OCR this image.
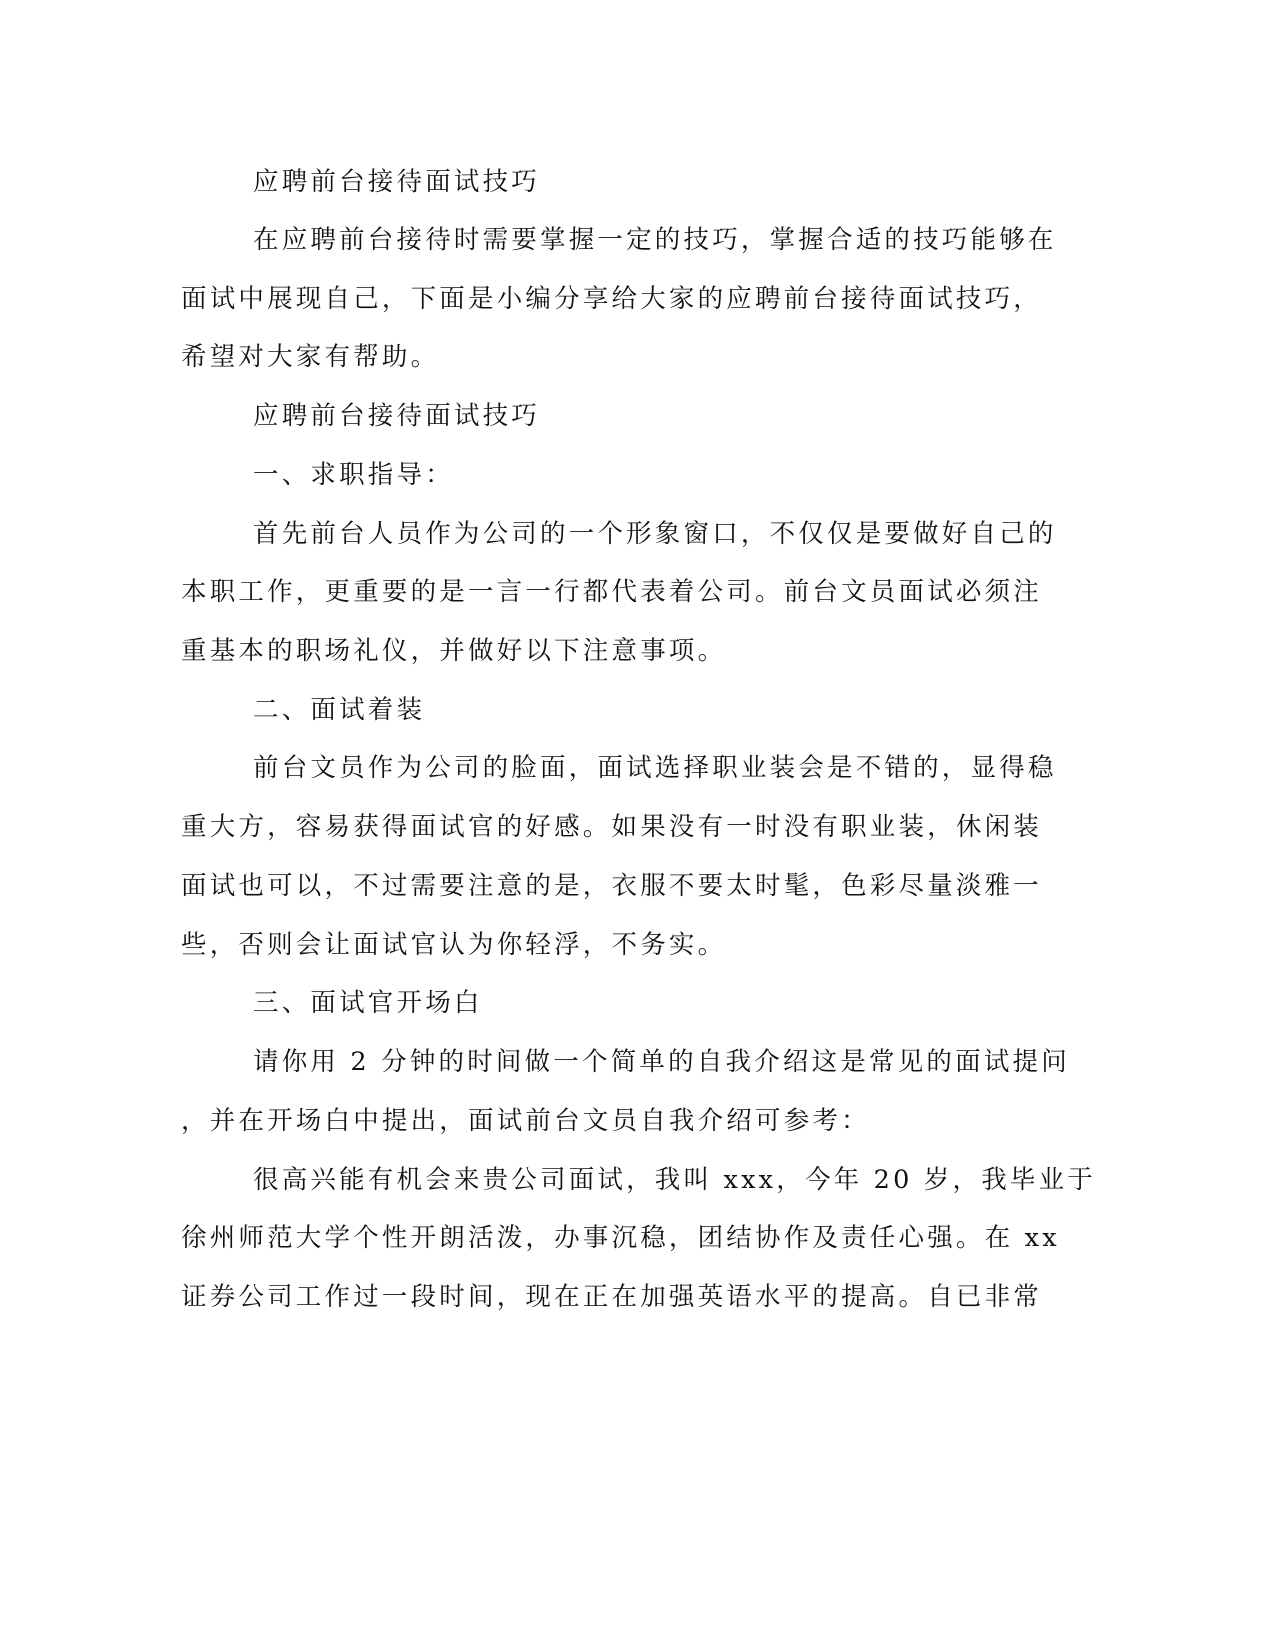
应聘前台接待面试技巧
在应聘前台接待时需要掌握一定的技巧，掌握合适的技巧能够在
面试中展现自己，下面是小编分享给大家的应聘前台接待面试技巧，
希望对大家有帮助。
应聘前台接待面试技巧
一、求职指导：
首先前台人员作为公司的一个形象窗口，不仅仅是要做好自己的
本职工作，更重要的是一言一行都代表着公司。前台文员面试必须注
重基本的职场礼仪，并做好以下注意事项。
二、面试着装
前台文员作为公司的脸面，面试选择职业装会是不错的，显得稳
重大方，容易获得面试官的好感。如果没有一时没有职业装，休闲装
面试也可以，不过需要注意的是，衣服不要太时髦，色彩尽量淡雅一
些，否则会让面试官认为你轻浮，不务实。
三、面试官开场白
请你用 2 分钟的时间做一个简单的自我介绍这是常见的面试提问
，并在开场白中提出，面试前台文员自我介绍可参考：
很高兴能有机会来贵公司面试，我叫 xxx，今年 20 岁，我毕业于
徐州师范大学个性开朗活泼，办事沉稳，团结协作及责任心强。在 xx
证券公司工作过一段时间，现在正在加强英语水平的提高。自已非常
